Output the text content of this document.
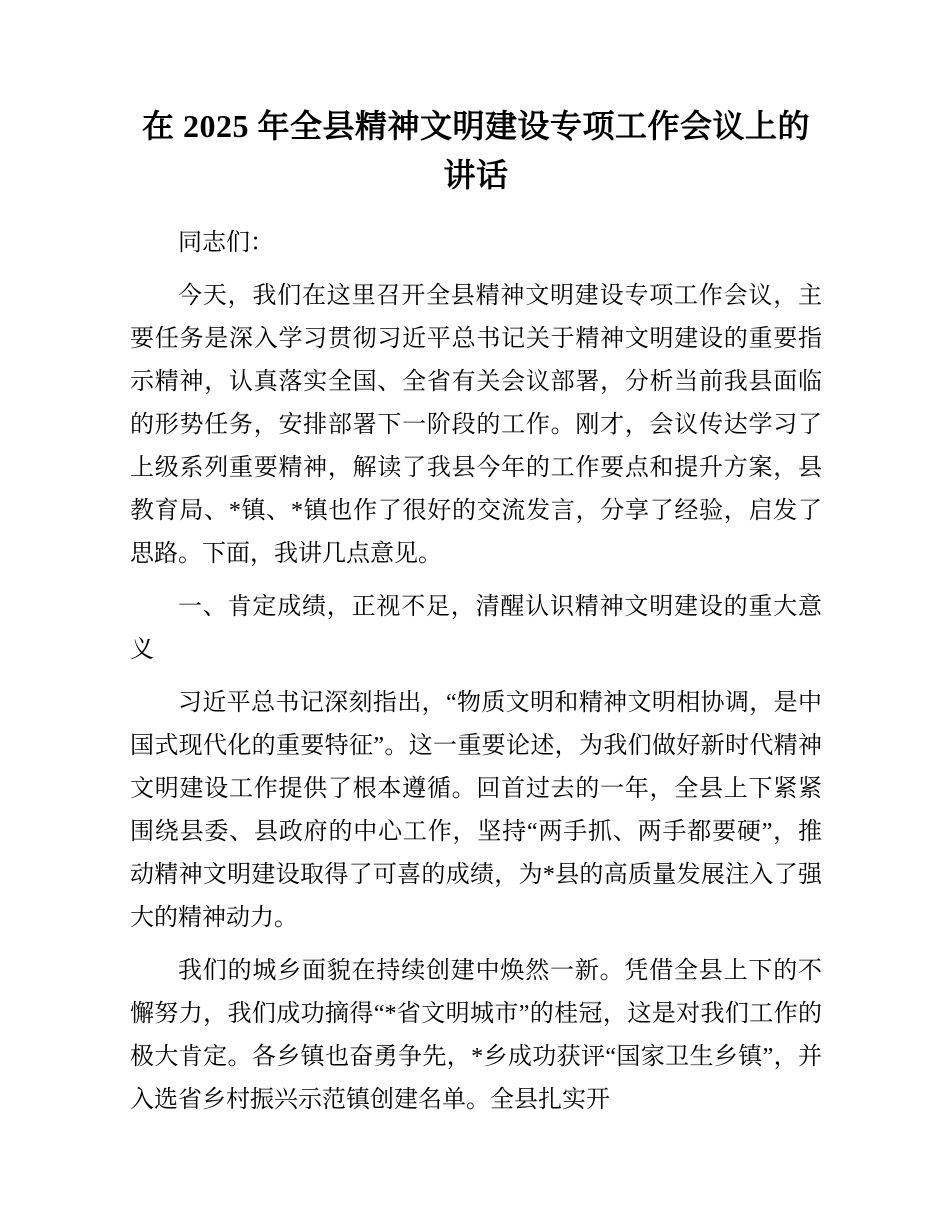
在 2025 年全县精神文明建设专项工作会议上的讲话

同志们：

今天，我们在这里召开全县精神文明建设专项工作会议，主要任务是深入学习贯彻习近平总书记关于精神文明建设的重要指示精神，认真落实全国、全省有关会议部署，分析当前我县面临的形势任务，安排部署下一阶段的工作。刚才，会议传达学习了上级系列重要精神，解读了我县今年的工作要点和提升方案，县教育局、*镇、*镇也作了很好的交流发言，分享了经验，启发了思路。下面，我讲几点意见。

一、肯定成绩，正视不足，清醒认识精神文明建设的重大意义

习近平总书记深刻指出，“物质文明和精神文明相协调，是中国式现代化的重要特征”。这一重要论述，为我们做好新时代精神文明建设工作提供了根本遵循。回首过去的一年，全县上下紧紧围绕县委、县政府的中心工作，坚持“两手抓、两手都要硬”，推动精神文明建设取得了可喜的成绩，为*县的高质量发展注入了强大的精神动力。

我们的城乡面貌在持续创建中焕然一新。凭借全县上下的不懈努力，我们成功摘得“*省文明城市”的桂冠，这是对我们工作的极大肯定。各乡镇也奋勇争先，*乡成功获评“国家卫生乡镇”，并入选省乡村振兴示范镇创建名单。全县扎实开
